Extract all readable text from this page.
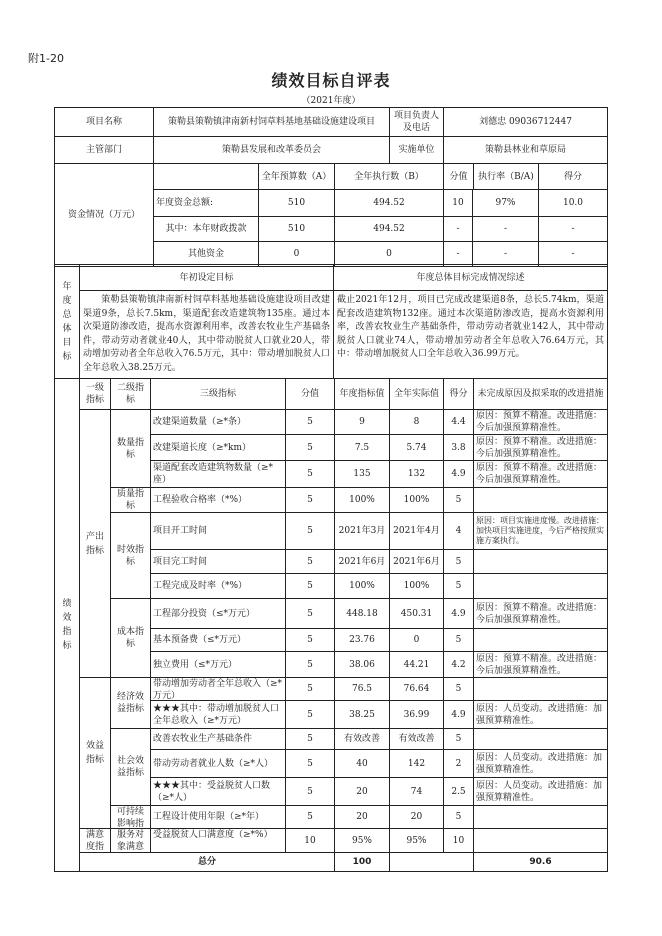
附1-20
绩效目标自评表
（2021年度）
项目名称	策勒县策勒镇津南新村饲草料基地基础设施建设项目			项目负责人及电话	刘德忠 09036712447		
主管部门	策勒县发展和改革委员会			实施单位	策勒县林业和草原局		
资金情况（万元）		全年预算数（A）	全年执行数（B）		分值 执行率（B/A)		得分
	年度资金总额:	510	494.52		10	97%	10.0
	其中：本年财政拨款	510	494.52		-	-	-
	其他资金	0	0		-	-	-
年度总体目标	年初设定目标	年度总体目标完成情况综述
	　　策勒县策勒镇津南新村饲草料基地基础设施建设项目改建渠道9条，总长7.5km，渠道配套改造建筑物135座。通过本次渠道防渗改造，提高水资源利用率，改善农牧业生产基础条件，带动劳动者就业40人，其中带动脱贫人口就业20人，带动增加劳动者全年总收入76.5万元，其中：带动增加脱贫人口全年总收入38.25万元。	截止2021年12月，项目已完成改建渠道8条，总长5.74km，渠道配套改造建筑物132座。通过本次渠道防渗改造，提高水资源利用率，改善农牧业生产基础条件，带动劳动者就业142人，其中带动脱贫人口就业74人，带动增加劳动者全年总收入76.64万元，其中：带动增加脱贫人口全年总收入36.99万元。
绩效指标	一级指标	二级指标	三级指标	分值	年度指标值	全年实际值	得分	未完成原因及拟采取的改进措施	
	产出指标	数量指标	改建渠道数量（≥*条）	5	9	8	4.4	原因：预算不精准。改进措施：今后加强预算精准性。	
			改建渠道长度（≥*km）	5	7.5	5.74	3.8	原因：预算不精准。改进措施：今后加强预算精准性。	
			渠道配套改造建筑物数量（≥*座）	5	135	132	4.9	原因：预算不精准。改进措施：今后加强预算精准性。	

		质量指标	工程验收合格率（*%）	5	100%	100%	5		
		时效指标	项目开工时间	5	2021年3月	2021年4月	4	原因：项目实施进度慢。改进措施：加快项目实施进度，今后严格按照实施方案执行。	
			项目完工时间	5	2021年6月	2021年6月	5		
			工程完成及时率（*%）	5	100%	100%	5		
		成本指标	工程部分投资（≤*万元）	5	448.18	450.31	4.9	原因：预算不精准。改进措施：今后加强预算精准性。	
			基本预备费（≤*万元）	5	23.76	0	5		
			独立费用（≤*万元）	5	38.06	44.21	4.2	原因：预算不精准。改进措施：今后加强预算精准性。	
	效益指标	经济效益指标	带动增加劳动者全年总收入（≥*万元）	5	76.5	76.64	5		
			★★★其中：带动增加脱贫人口全年总收入（≥*万元）	5	38.25	36.99	4.9	原因：人员变动。改进措施：加强预算精准性。	
		社会效益指标	改善农牧业生产基础条件	5	有效改善	有效改善	5		
			带动劳动者就业人数（≥*人）	5	40	142	2	原因：人员变动。改进措施：加强预算精准性。	
			★★★其中：受益脱贫人口数（≥*人）	5	20	74	2.5	原因：人员变动。改进措施：加强预算精准性。	

		可持续影响指	工程设计使用年限（≥*年）	5	20	20	5		

	满意度指	服务对象满意	受益脱贫人口满意度（≥*%）	10	95%	95%	10		
	总分				100			90.6	
